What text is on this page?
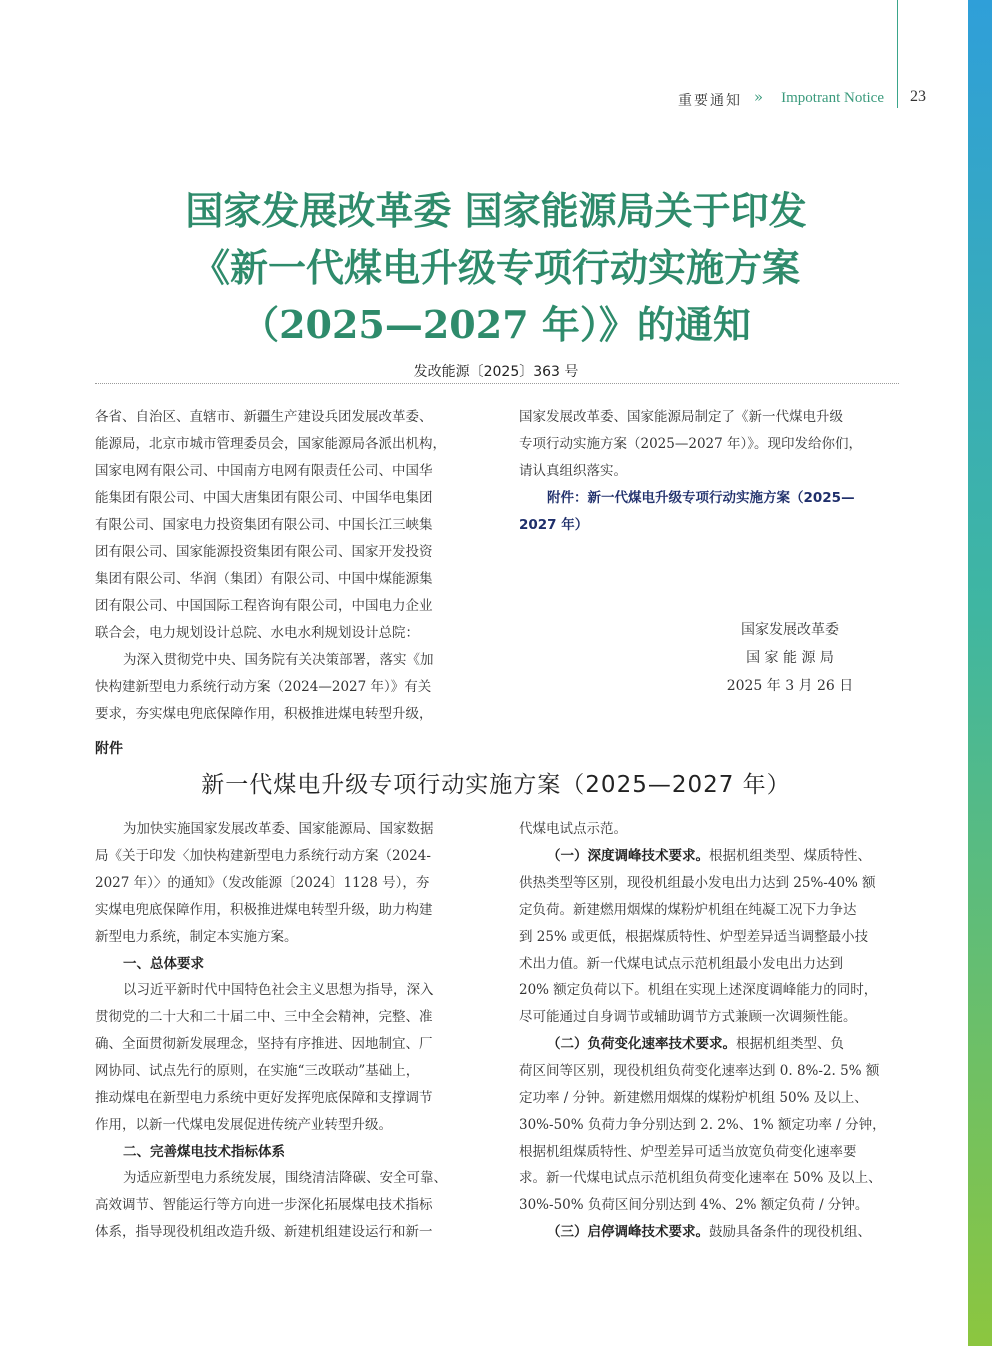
重要通知 » Impotrant Notice 23
国家发展改革委 国家能源局关于印发
《新一代煤电升级专项行动实施方案
（2025—2027 年）》的通知
发改能源〔2025〕363 号
各省、自治区、直辖市、新疆生产建设兵团发展改革委、
能源局，北京市城市管理委员会，国家能源局各派出机构，
国家电网有限公司、中国南方电网有限责任公司、中国华
能集团有限公司、中国大唐集团有限公司、中国华电集团
有限公司、国家电力投资集团有限公司、中国长江三峡集
团有限公司、国家能源投资集团有限公司、国家开发投资
集团有限公司、华润（集团）有限公司、中国中煤能源集
团有限公司、中国国际工程咨询有限公司，中国电力企业
联合会，电力规划设计总院、水电水利规划设计总院：
为深入贯彻党中央、国务院有关决策部署，落实《加
快构建新型电力系统行动方案（2024—2027 年）》有关
要求，夯实煤电兜底保障作用，积极推进煤电转型升级，
国家发展改革委、国家能源局制定了《新一代煤电升级
专项行动实施方案（2025—2027 年）》。现印发给你们，
请认真组织落实。
附件：新一代煤电升级专项行动实施方案（2025—
2027 年）
国家发展改革委
国 家 能 源 局
2025 年 3 月 26 日
附件
新一代煤电升级专项行动实施方案（2025—2027 年）
为加快实施国家发展改革委、国家能源局、国家数据
局《关于印发〈加快构建新型电力系统行动方案（2024-
2027 年）〉的通知》（发改能源〔2024〕1128 号），夯
实煤电兜底保障作用，积极推进煤电转型升级，助力构建
新型电力系统，制定本实施方案。
一、总体要求
以习近平新时代中国特色社会主义思想为指导，深入
贯彻党的二十大和二十届二中、三中全会精神，完整、准
确、全面贯彻新发展理念，坚持有序推进、因地制宜、厂
网协同、试点先行的原则，在实施“三改联动”基础上，
推动煤电在新型电力系统中更好发挥兜底保障和支撑调节
作用，以新一代煤电发展促进传统产业转型升级。
二、完善煤电技术指标体系
为适应新型电力系统发展，围绕清洁降碳、安全可靠、
高效调节、智能运行等方向进一步深化拓展煤电技术指标
体系，指导现役机组改造升级、新建机组建设运行和新一
代煤电试点示范。
（一）深度调峰技术要求。根据机组类型、煤质特性、
供热类型等区别，现役机组最小发电出力达到 25%-40% 额
定负荷。新建燃用烟煤的煤粉炉机组在纯凝工况下力争达
到 25% 或更低，根据煤质特性、炉型差异适当调整最小技
术出力值。新一代煤电试点示范机组最小发电出力达到
20% 额定负荷以下。机组在实现上述深度调峰能力的同时，
尽可能通过自身调节或辅助调节方式兼顾一次调频性能。
（二）负荷变化速率技术要求。根据机组类型、负
荷区间等区别，现役机组负荷变化速率达到 0. 8%-2. 5% 额
定功率 / 分钟。新建燃用烟煤的煤粉炉机组 50% 及以上、
30%-50% 负荷力争分别达到 2. 2%、1% 额定功率 / 分钟，
根据机组煤质特性、炉型差异可适当放宽负荷变化速率要
求。新一代煤电试点示范机组负荷变化速率在 50% 及以上、
30%-50% 负荷区间分别达到 4%、2% 额定负荷 / 分钟。
（三）启停调峰技术要求。鼓励具备条件的现役机组、
